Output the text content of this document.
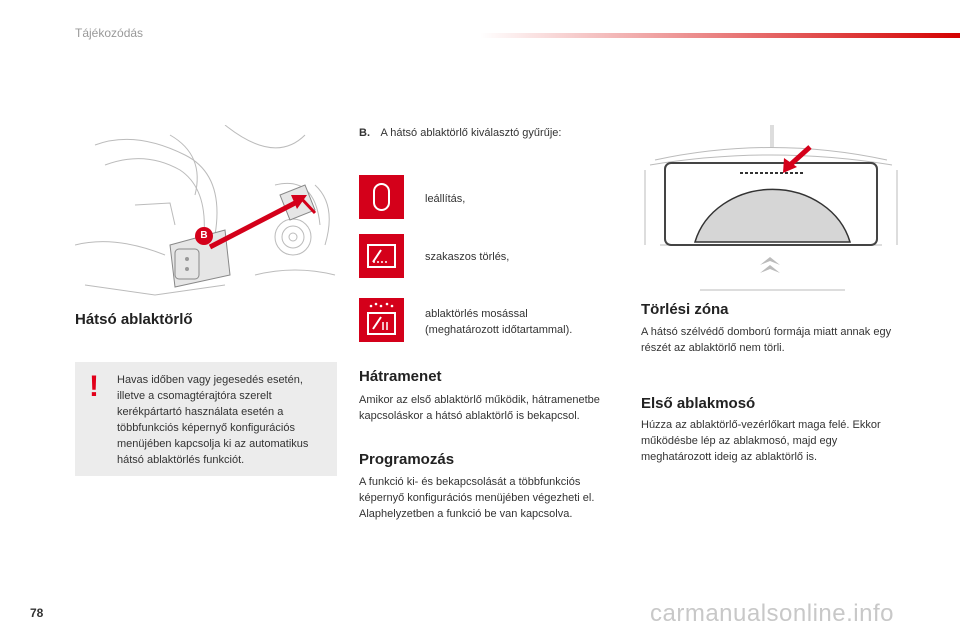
Tájékozódás
B
Hátsó ablaktörlő
! Havas időben vagy jegesedés esetén, illetve a csomagtérajtóra szerelt kerékpártartó használata esetén a többfunkciós képernyő konfigurációs menüjében kapcsolja ki az automatikus hátsó ablaktörlés funkciót.
B. A hátsó ablaktörlő kiválasztó gyűrűje:
leállítás,
szakaszos törlés,
ablaktörlés mosással
(meghatározott időtartammal).
Hátramenet
Amikor az első ablaktörlő működik, hátramenetbe kapcsoláskor a hátsó ablaktörlő is bekapcsol.
Programozás
A funkció ki- és bekapcsolását a többfunkciós képernyő konfigurációs menüjében végezheti el. Alaphelyzetben a funkció be van kapcsolva.
Törlési zóna
A hátsó szélvédő domború formája miatt annak egy részét az ablaktörlő nem törli.
Első ablakmosó
Húzza az ablaktörlő-vezérlőkart maga felé. Ekkor működésbe lép az ablakmosó, majd egy meghatározott ideig az ablaktörlő is.
78	carmanualsonline.info
